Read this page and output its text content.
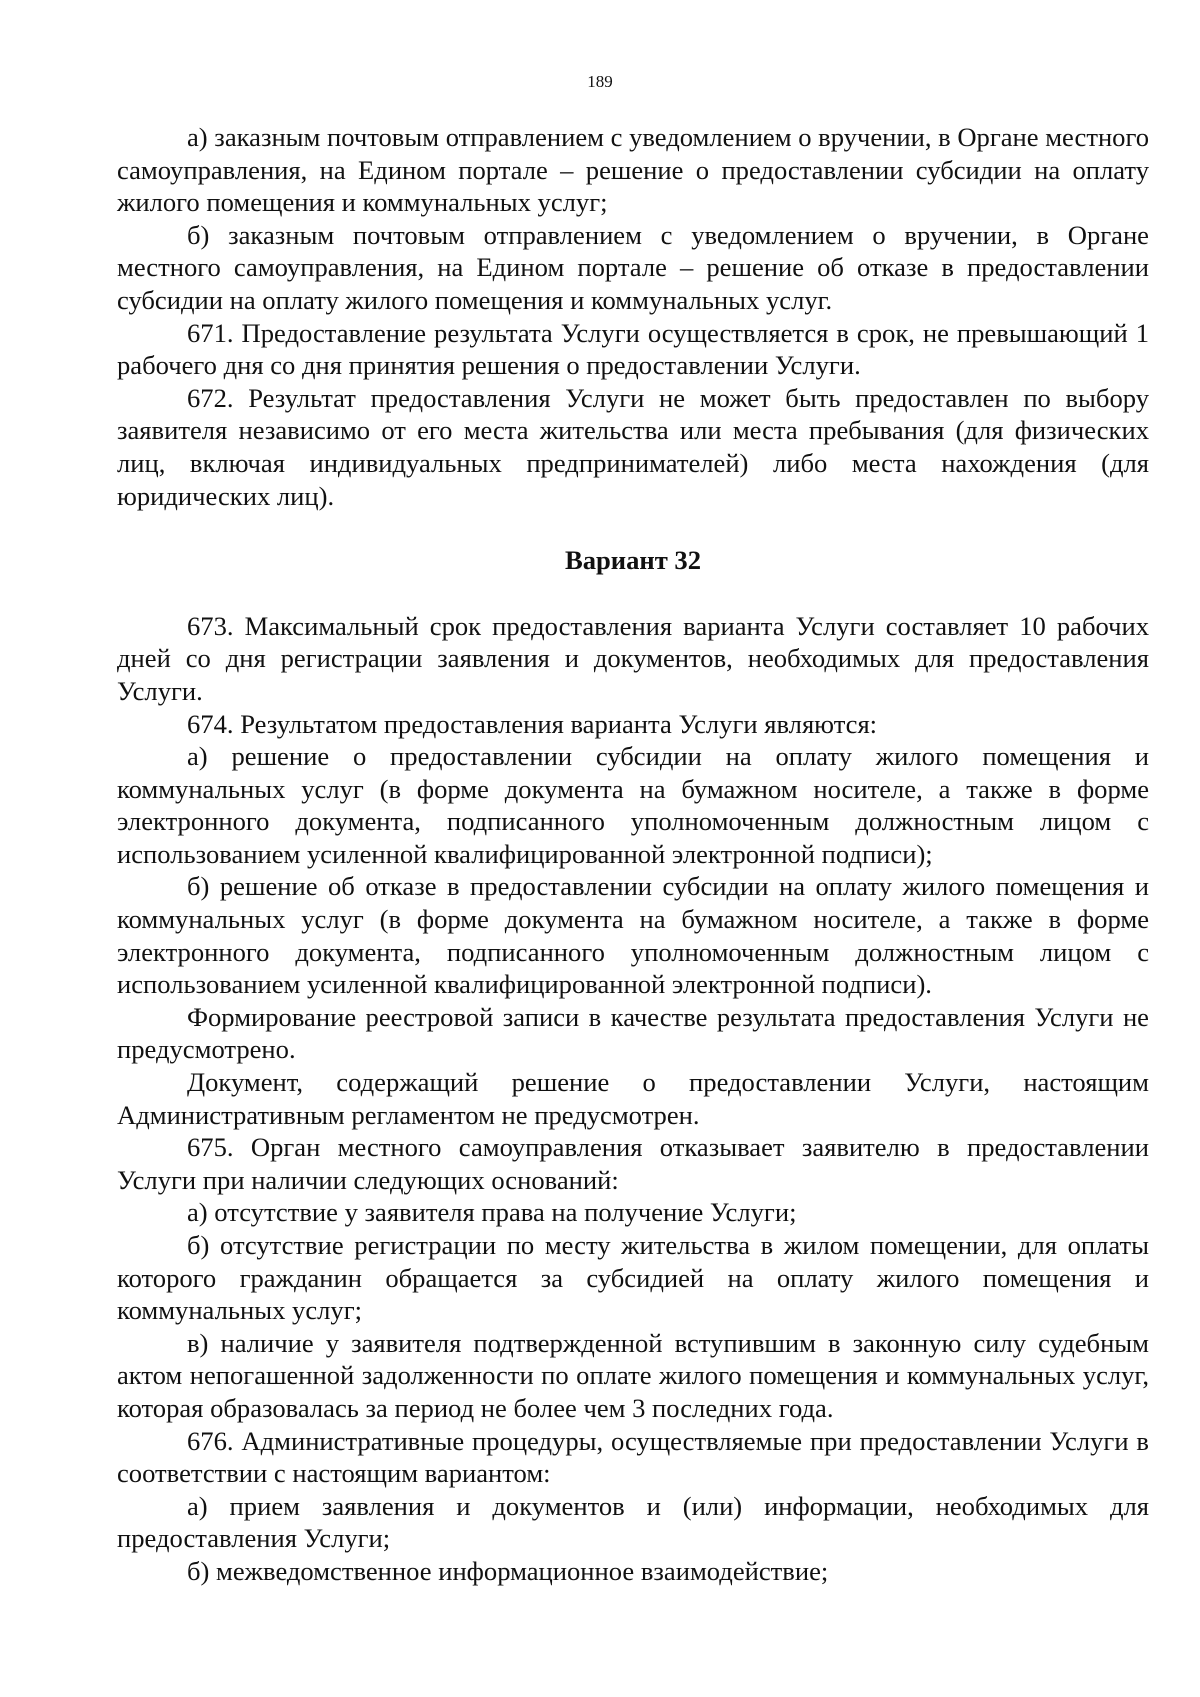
189

а) заказным почтовым отправлением с уведомлением о вручении, в Органе местного самоуправления, на Едином портале – решение о предоставлении субсидии на оплату жилого помещения и коммунальных услуг;

б) заказным почтовым отправлением с уведомлением о вручении, в Органе местного самоуправления, на Едином портале – решение об отказе в предоставлении субсидии на оплату жилого помещения и коммунальных услуг.

671. Предоставление результата Услуги осуществляется в срок, не превышающий 1 рабочего дня со дня принятия решения о предоставлении Услуги.

672. Результат предоставления Услуги не может быть предоставлен по выбору заявителя независимо от его места жительства или места пребывания (для физических лиц, включая индивидуальных предпринимателей) либо места нахождения (для юридических лиц).

Вариант 32

673. Максимальный срок предоставления варианта Услуги составляет 10 рабочих дней со дня регистрации заявления и документов, необходимых для предоставления Услуги.

674. Результатом предоставления варианта Услуги являются:

а) решение о предоставлении субсидии на оплату жилого помещения и коммунальных услуг (в форме документа на бумажном носителе, а также в форме электронного документа, подписанного уполномоченным должностным лицом с использованием усиленной квалифицированной электронной подписи);

б) решение об отказе в предоставлении субсидии на оплату жилого помещения и коммунальных услуг (в форме документа на бумажном носителе, а также в форме электронного документа, подписанного уполномоченным должностным лицом с использованием усиленной квалифицированной электронной подписи).

Формирование реестровой записи в качестве результата предоставления Услуги не предусмотрено.

Документ, содержащий решение о предоставлении Услуги, настоящим Административным регламентом не предусмотрен.

675. Орган местного самоуправления отказывает заявителю в предоставлении Услуги при наличии следующих оснований:

а) отсутствие у заявителя права на получение Услуги;

б) отсутствие регистрации по месту жительства в жилом помещении, для оплаты которого гражданин обращается за субсидией на оплату жилого помещения и коммунальных услуг;

в) наличие у заявителя подтвержденной вступившим в законную силу судебным актом непогашенной задолженности по оплате жилого помещения и коммунальных услуг, которая образовалась за период не более чем 3 последних года.

676. Административные процедуры, осуществляемые при предоставлении Услуги в соответствии с настоящим вариантом:

а) прием заявления и документов и (или) информации, необходимых для предоставления Услуги;

б) межведомственное информационное взаимодействие;
